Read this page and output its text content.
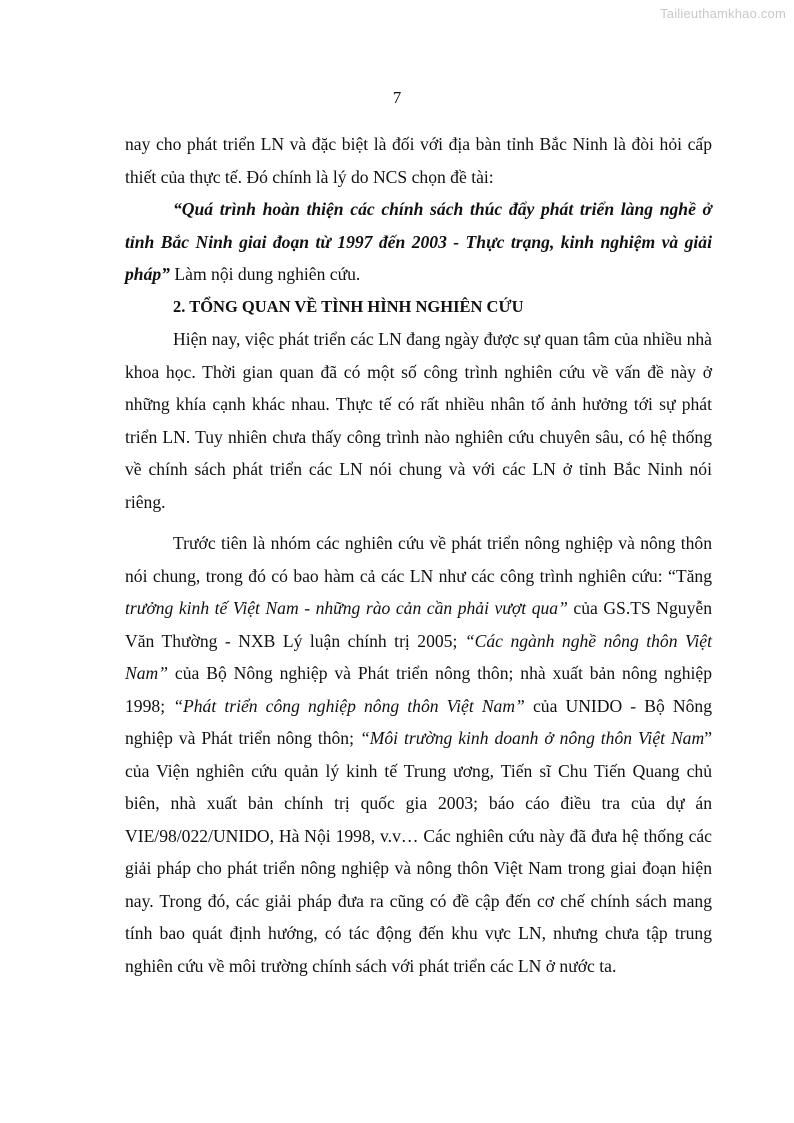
Tailieuthamkhao.com
7

nay cho phát triển LN và đặc biệt là đối với địa bàn tỉnh Bắc Ninh là đòi hỏi cấp thiết của thực tế. Đó chính là lý do NCS chọn đề tài:

“Quá trình hoàn thiện các chính sách thúc đẩy phát triển làng nghề ở tỉnh Bắc Ninh giai đoạn từ 1997 đến 2003 - Thực trạng, kinh nghiệm và giải pháp” Làm nội dung nghiên cứu.

2. TỔNG QUAN VỀ TÌNH HÌNH NGHIÊN CỨU

Hiện nay, việc phát triển các LN đang ngày được sự quan tâm của nhiều nhà khoa học. Thời gian quan đã có một số công trình nghiên cứu về vấn đề này ở những khía cạnh khác nhau. Thực tế có rất nhiều nhân tố ảnh hưởng tới sự phát triển LN. Tuy nhiên chưa thấy công trình nào nghiên cứu chuyên sâu, có hệ thống về chính sách phát triển các LN nói chung và với các LN ở tỉnh Bắc Ninh nói riêng.

Trước tiên là nhóm các nghiên cứu về phát triển nông nghiệp và nông thôn nói chung, trong đó có bao hàm cả các LN như các công trình nghiên cứu: “Tăng trưởng kinh tế Việt Nam - những rào cản cần phải vượt qua” của GS.TS Nguyễn Văn Thường - NXB Lý luận chính trị 2005; “Các ngành nghề nông thôn Việt Nam” của Bộ Nông nghiệp và Phát triển nông thôn; nhà xuất bản nông nghiệp 1998; “Phát triển công nghiệp nông thôn Việt Nam” của UNIDO - Bộ Nông nghiệp và Phát triển nông thôn; “Môi trường kinh doanh ở nông thôn Việt Nam” của Viện nghiên cứu quản lý kinh tế Trung ương, Tiến sĩ Chu Tiến Quang chủ biên, nhà xuất bản chính trị quốc gia 2003; báo cáo điều tra của dự án VIE/98/022/UNIDO, Hà Nội 1998, v.v… Các nghiên cứu này đã đưa hệ thống các giải pháp cho phát triển nông nghiệp và nông thôn Việt Nam trong giai đoạn hiện nay. Trong đó, các giải pháp đưa ra cũng có đề cập đến cơ chế chính sách mang tính bao quát định hướng, có tác động đến khu vực LN, nhưng chưa tập trung nghiên cứu về môi trường chính sách với phát triển các LN ở nước ta.
